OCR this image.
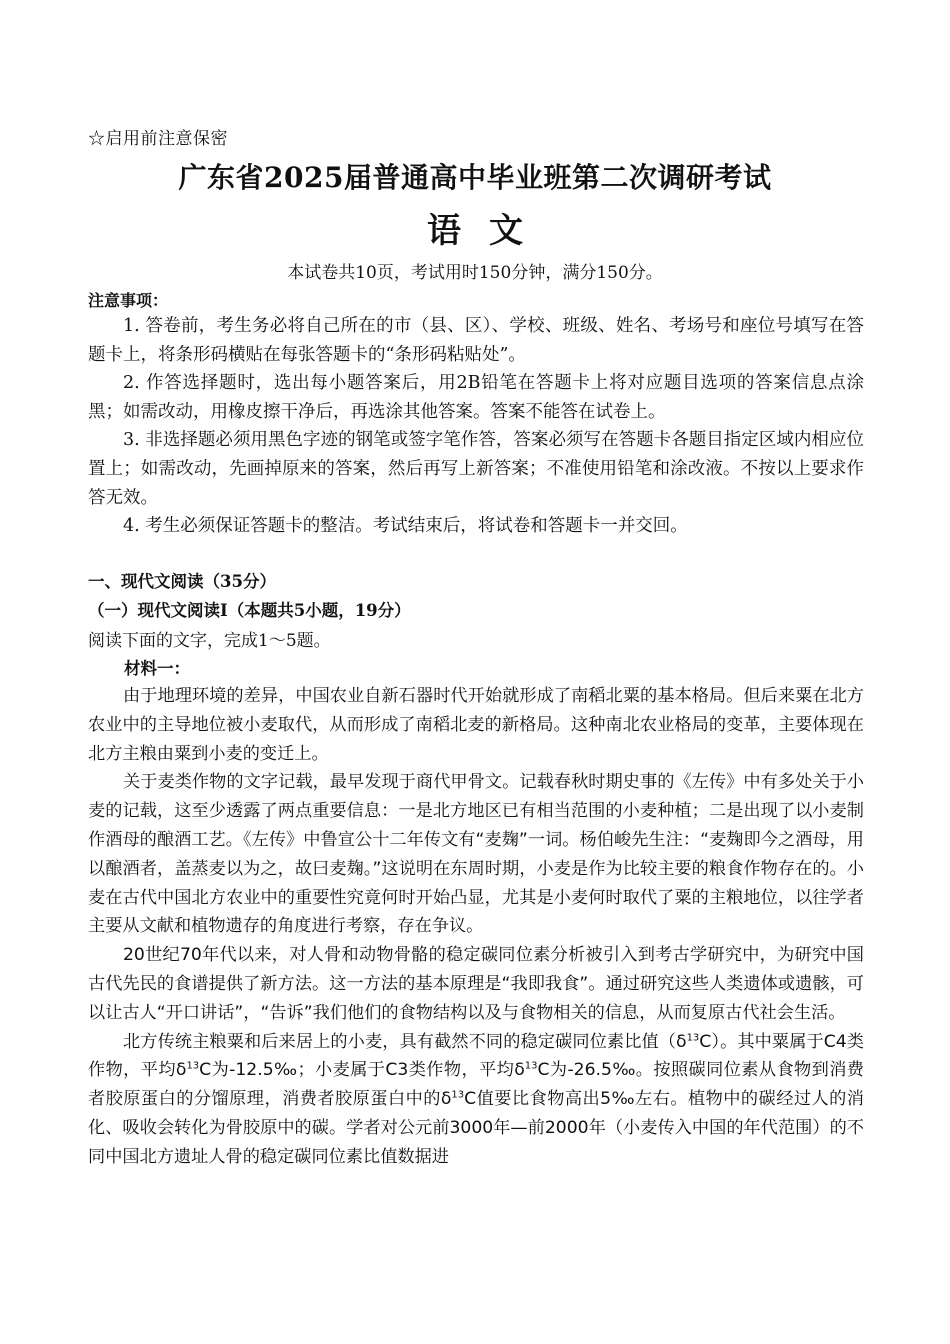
☆启用前注意保密
广东省2025届普通高中毕业班第二次调研考试
语文
本试卷共10页，考试用时150分钟，满分150分。
注意事项：

1. 答卷前，考生务必将自己所在的市（县、区）、学校、班级、姓名、考场号和座位号填写在答题卡上，将条形码横贴在每张答题卡的“条形码粘贴处”。

2. 作答选择题时，选出每小题答案后，用2B铅笔在答题卡上将对应题目选项的答案信息点涂黑；如需改动，用橡皮擦干净后，再选涂其他答案。答案不能答在试卷上。

3. 非选择题必须用黑色字迹的钢笔或签字笔作答，答案必须写在答题卡各题目指定区域内相应位置上；如需改动，先画掉原来的答案，然后再写上新答案；不准使用铅笔和涂改液。不按以上要求作答无效。

4. 考生必须保证答题卡的整洁。考试结束后，将试卷和答题卡一并交回。

一、现代文阅读（35分）
（一）现代文阅读Ⅰ（本题共5小题，19分）
阅读下面的文字，完成1～5题。
材料一：

由于地理环境的差异，中国农业自新石器时代开始就形成了南稻北粟的基本格局。但后来粟在北方农业中的主导地位被小麦取代，从而形成了南稻北麦的新格局。这种南北农业格局的变革，主要体现在北方主粮由粟到小麦的变迁上。

关于麦类作物的文字记载，最早发现于商代甲骨文。记载春秋时期史事的《左传》中有多处关于小麦的记载，这至少透露了两点重要信息：一是北方地区已有相当范围的小麦种植；二是出现了以小麦制作酒母的酿酒工艺。《左传》中鲁宣公十二年传文有“麦麹”一词。杨伯峻先生注：“麦麹即今之酒母，用以酿酒者，盖蒸麦以为之，故曰麦麹。”这说明在东周时期，小麦是作为比较主要的粮食作物存在的。小麦在古代中国北方农业中的重要性究竟何时开始凸显，尤其是小麦何时取代了粟的主粮地位，以往学者主要从文献和植物遗存的角度进行考察，存在争议。

20世纪70年代以来，对人骨和动物骨骼的稳定碳同位素分析被引入到考古学研究中，为研究中国古代先民的食谱提供了新方法。这一方法的基本原理是“我即我食”。通过研究这些人类遗体或遗骸，可以让古人“开口讲话”，“告诉”我们他们的食物结构以及与食物相关的信息，从而复原古代社会生活。

北方传统主粮粟和后来居上的小麦，具有截然不同的稳定碳同位素比值$(\delta^{13}C)$。其中粟属于C4类作物，平均$\delta^{13}C$为-12.5‰；小麦属于C3类作物，平均$\delta^{13}C$为-26.5‰。按照碳同位素从食物到消费者胶原蛋白的分馏原理，消费者胶原蛋白中的$\delta^{13}C$值要比食物高出5‰左右。植物中的碳经过人的消化、吸收会转化为骨胶原中的碳。学者对公元前3000年—前2000年（小麦传入中国的年代范围）的不同中国北方遗址人骨的稳定碳同位素比值数据进
